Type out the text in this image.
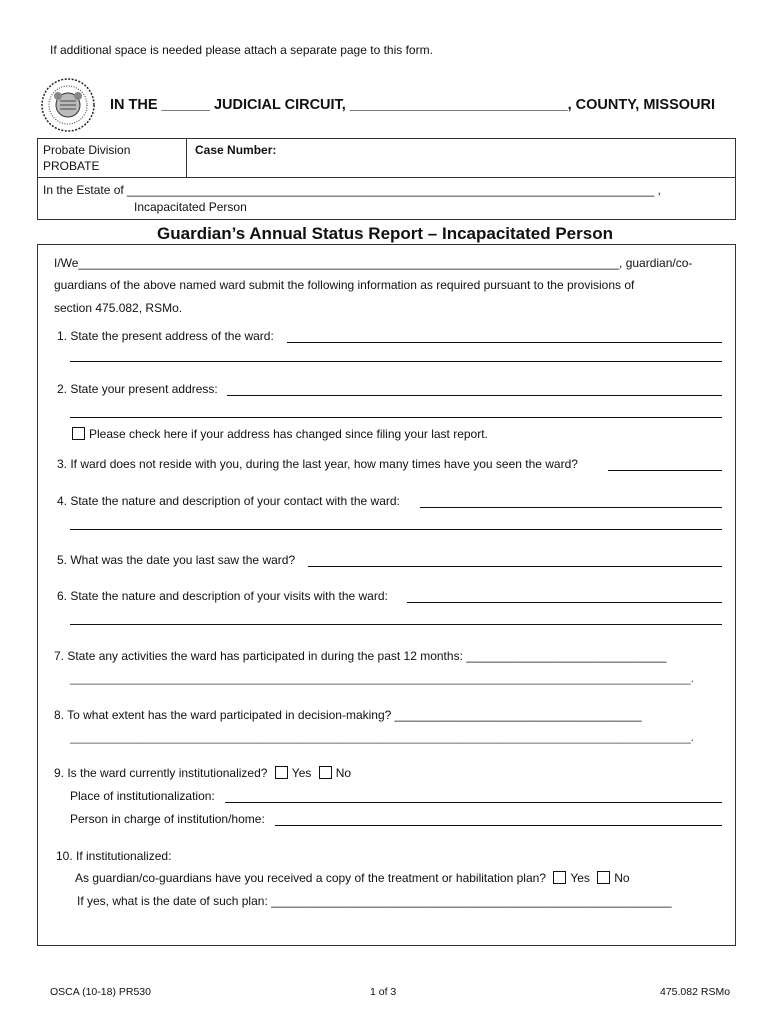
If additional space is needed please attach a separate page to this form.
IN THE ______ JUDICIAL CIRCUIT, ___________________________, COUNTY, MISSOURI
Probate Division
PROBATE
Case Number:
In the Estate of _______________________________________________________________________________ ,
Incapacitated Person
Guardian’s Annual Status Report – Incapacitated Person
I/We_________________________________________________________________________________, guardian/co-
guardians of the above named ward submit the following information as required pursuant to the provisions of
section 475.082, RSMo.
1. State the present address of the ward:
2. State your present address:
Please check here if your address has changed since filing your last report.
3. If ward does not reside with you, during the last year, how many times have you seen the ward?
4. State the nature and description of your contact with the ward:
5. What was the date you last saw the ward?
6. State the nature and description of your visits with the ward:
7. State any activities the ward has participated in during the past 12 months: ______________________________
_____________________________________________________________________________________________.
8. To what extent has the ward participated in decision-making? _____________________________________
_____________________________________________________________________________________________.
9. Is the ward currently institutionalized? Yes No
Place of institutionalization:
Person in charge of institution/home:
10. If institutionalized:
As guardian/co-guardians have you received a copy of the treatment or habilitation plan? Yes No
If yes, what is the date of such plan: ____________________________________________________________
OSCA (10-18) PR530	1 of 3	475.082 RSMo
